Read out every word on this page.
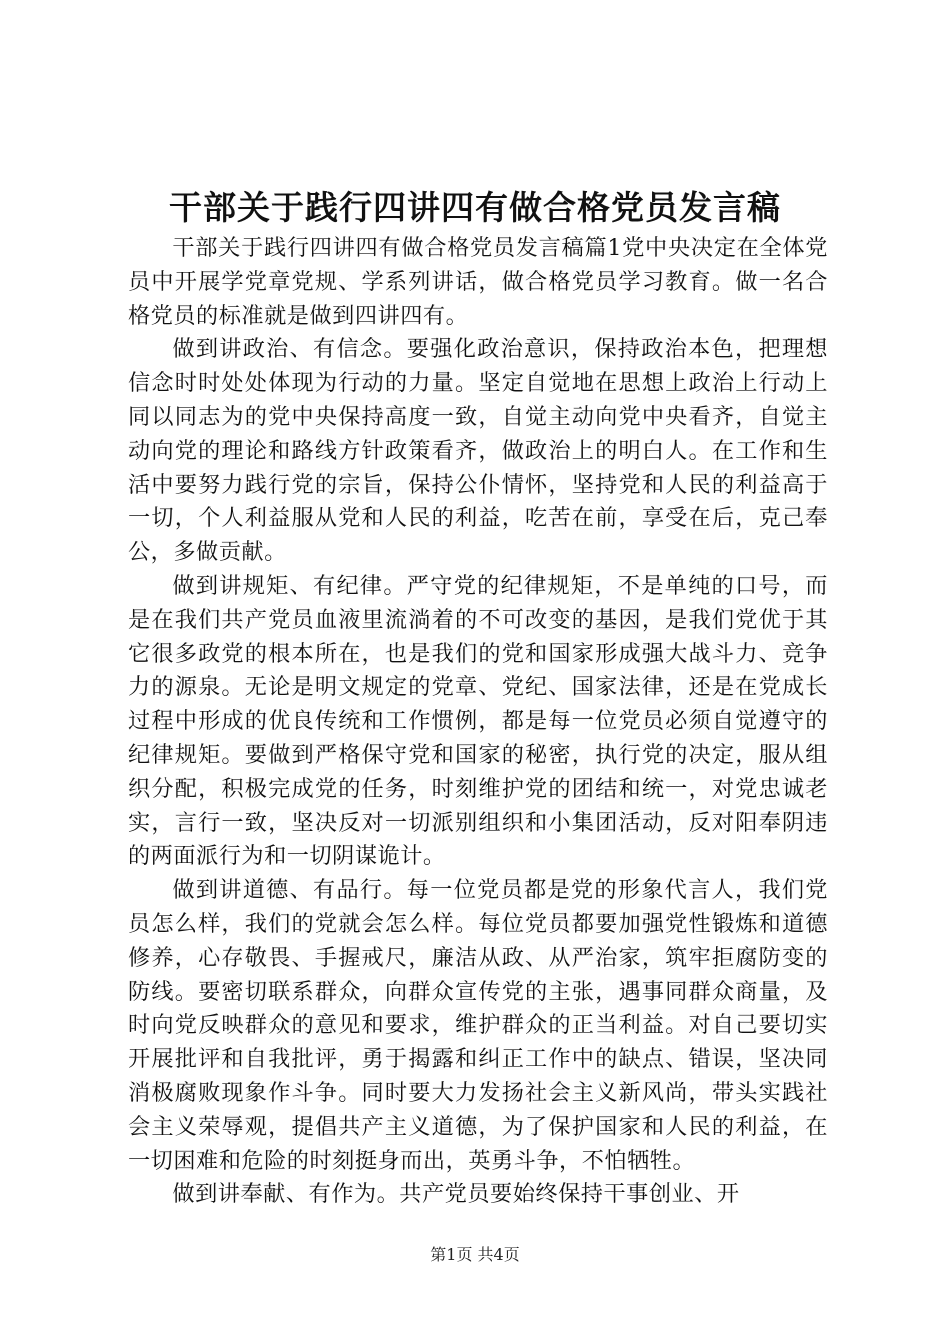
干部关于践行四讲四有做合格党员发言稿

干部关于践行四讲四有做合格党员发言稿篇1党中央决定在全体党员中开展学党章党规、学系列讲话，做合格党员学习教育。做一名合格党员的标准就是做到四讲四有。

做到讲政治、有信念。要强化政治意识，保持政治本色，把理想信念时时处处体现为行动的力量。坚定自觉地在思想上政治上行动上同以同志为的党中央保持高度一致，自觉主动向党中央看齐，自觉主动向党的理论和路线方针政策看齐，做政治上的明白人。在工作和生活中要努力践行党的宗旨，保持公仆情怀，坚持党和人民的利益高于一切，个人利益服从党和人民的利益，吃苦在前，享受在后，克己奉公，多做贡献。

做到讲规矩、有纪律。严守党的纪律规矩，不是单纯的口号，而是在我们共产党员血液里流淌着的不可改变的基因，是我们党优于其它很多政党的根本所在，也是我们的党和国家形成强大战斗力、竞争力的源泉。无论是明文规定的党章、党纪、国家法律，还是在党成长过程中形成的优良传统和工作惯例，都是每一位党员必须自觉遵守的纪律规矩。要做到严格保守党和国家的秘密，执行党的决定，服从组织分配，积极完成党的任务，时刻维护党的团结和统一，对党忠诚老实，言行一致，坚决反对一切派别组织和小集团活动，反对阳奉阴违的两面派行为和一切阴谋诡计。

做到讲道德、有品行。每一位党员都是党的形象代言人，我们党员怎么样，我们的党就会怎么样。每位党员都要加强党性锻炼和道德修养，心存敬畏、手握戒尺，廉洁从政、从严治家，筑牢拒腐防变的防线。要密切联系群众，向群众宣传党的主张，遇事同群众商量，及时向党反映群众的意见和要求，维护群众的正当利益。对自己要切实开展批评和自我批评，勇于揭露和纠正工作中的缺点、错误，坚决同消极腐败现象作斗争。同时要大力发扬社会主义新风尚，带头实践社会主义荣辱观，提倡共产主义道德，为了保护国家和人民的利益，在一切困难和危险的时刻挺身而出，英勇斗争，不怕牺牲。

做到讲奉献、有作为。共产党员要始终保持干事创业、开

第1页 共4页
